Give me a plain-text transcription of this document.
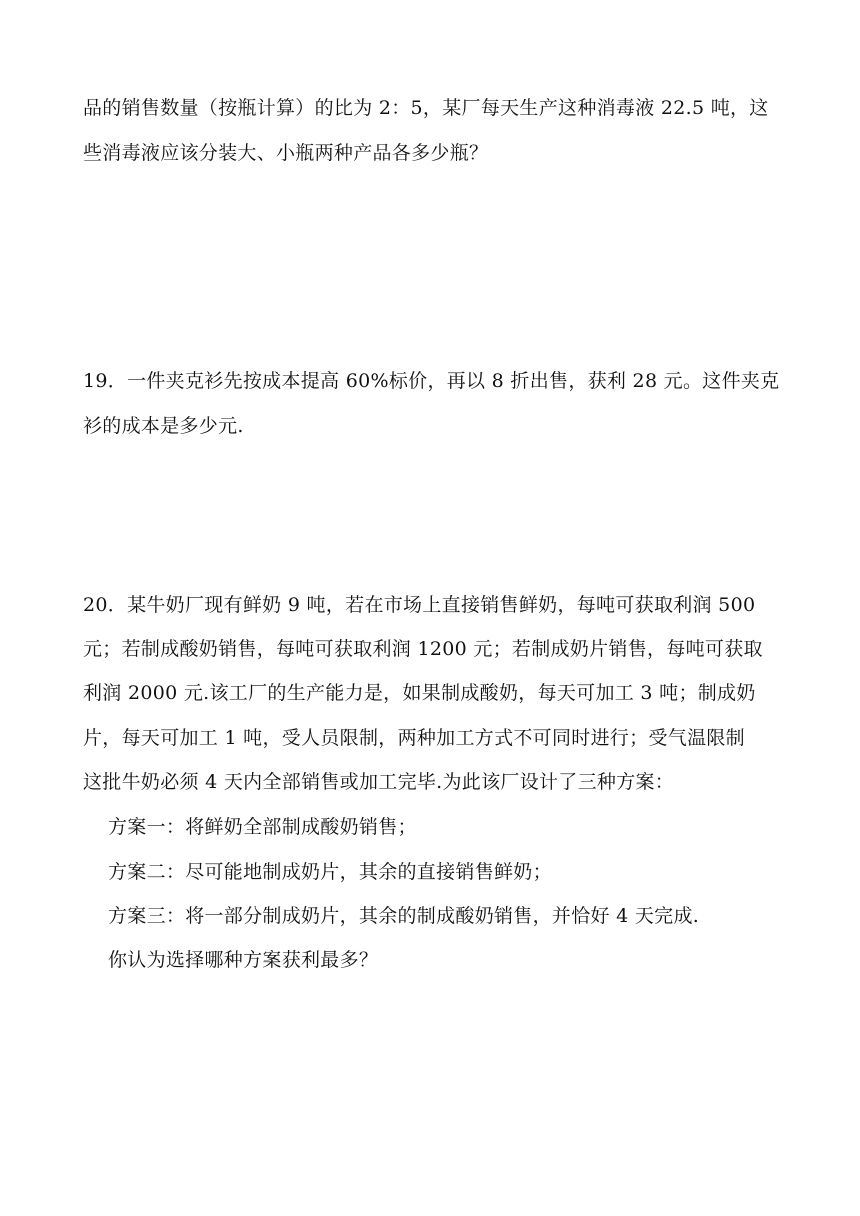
品的销售数量（按瓶计算）的比为 2：5，某厂每天生产这种消毒液 22.5 吨，这
些消毒液应该分装大、小瓶两种产品各多少瓶？
19．一件夹克衫先按成本提高 60%标价，再以 8 折出售，获利 28 元。这件夹克
衫的成本是多少元.
20．某牛奶厂现有鲜奶 9 吨，若在市场上直接销售鲜奶，每吨可获取利润 500
元；若制成酸奶销售，每吨可获取利润 1200 元；若制成奶片销售，每吨可获取
利润 2000 元.该工厂的生产能力是，如果制成酸奶，每天可加工 3 吨；制成奶
片，每天可加工 1 吨，受人员限制，两种加工方式不可同时进行；受气温限制
这批牛奶必须 4 天内全部销售或加工完毕.为此该厂设计了三种方案：
方案一：将鲜奶全部制成酸奶销售；
方案二：尽可能地制成奶片，其余的直接销售鲜奶；
方案三：将一部分制成奶片，其余的制成酸奶销售，并恰好 4 天完成.
你认为选择哪种方案获利最多？
